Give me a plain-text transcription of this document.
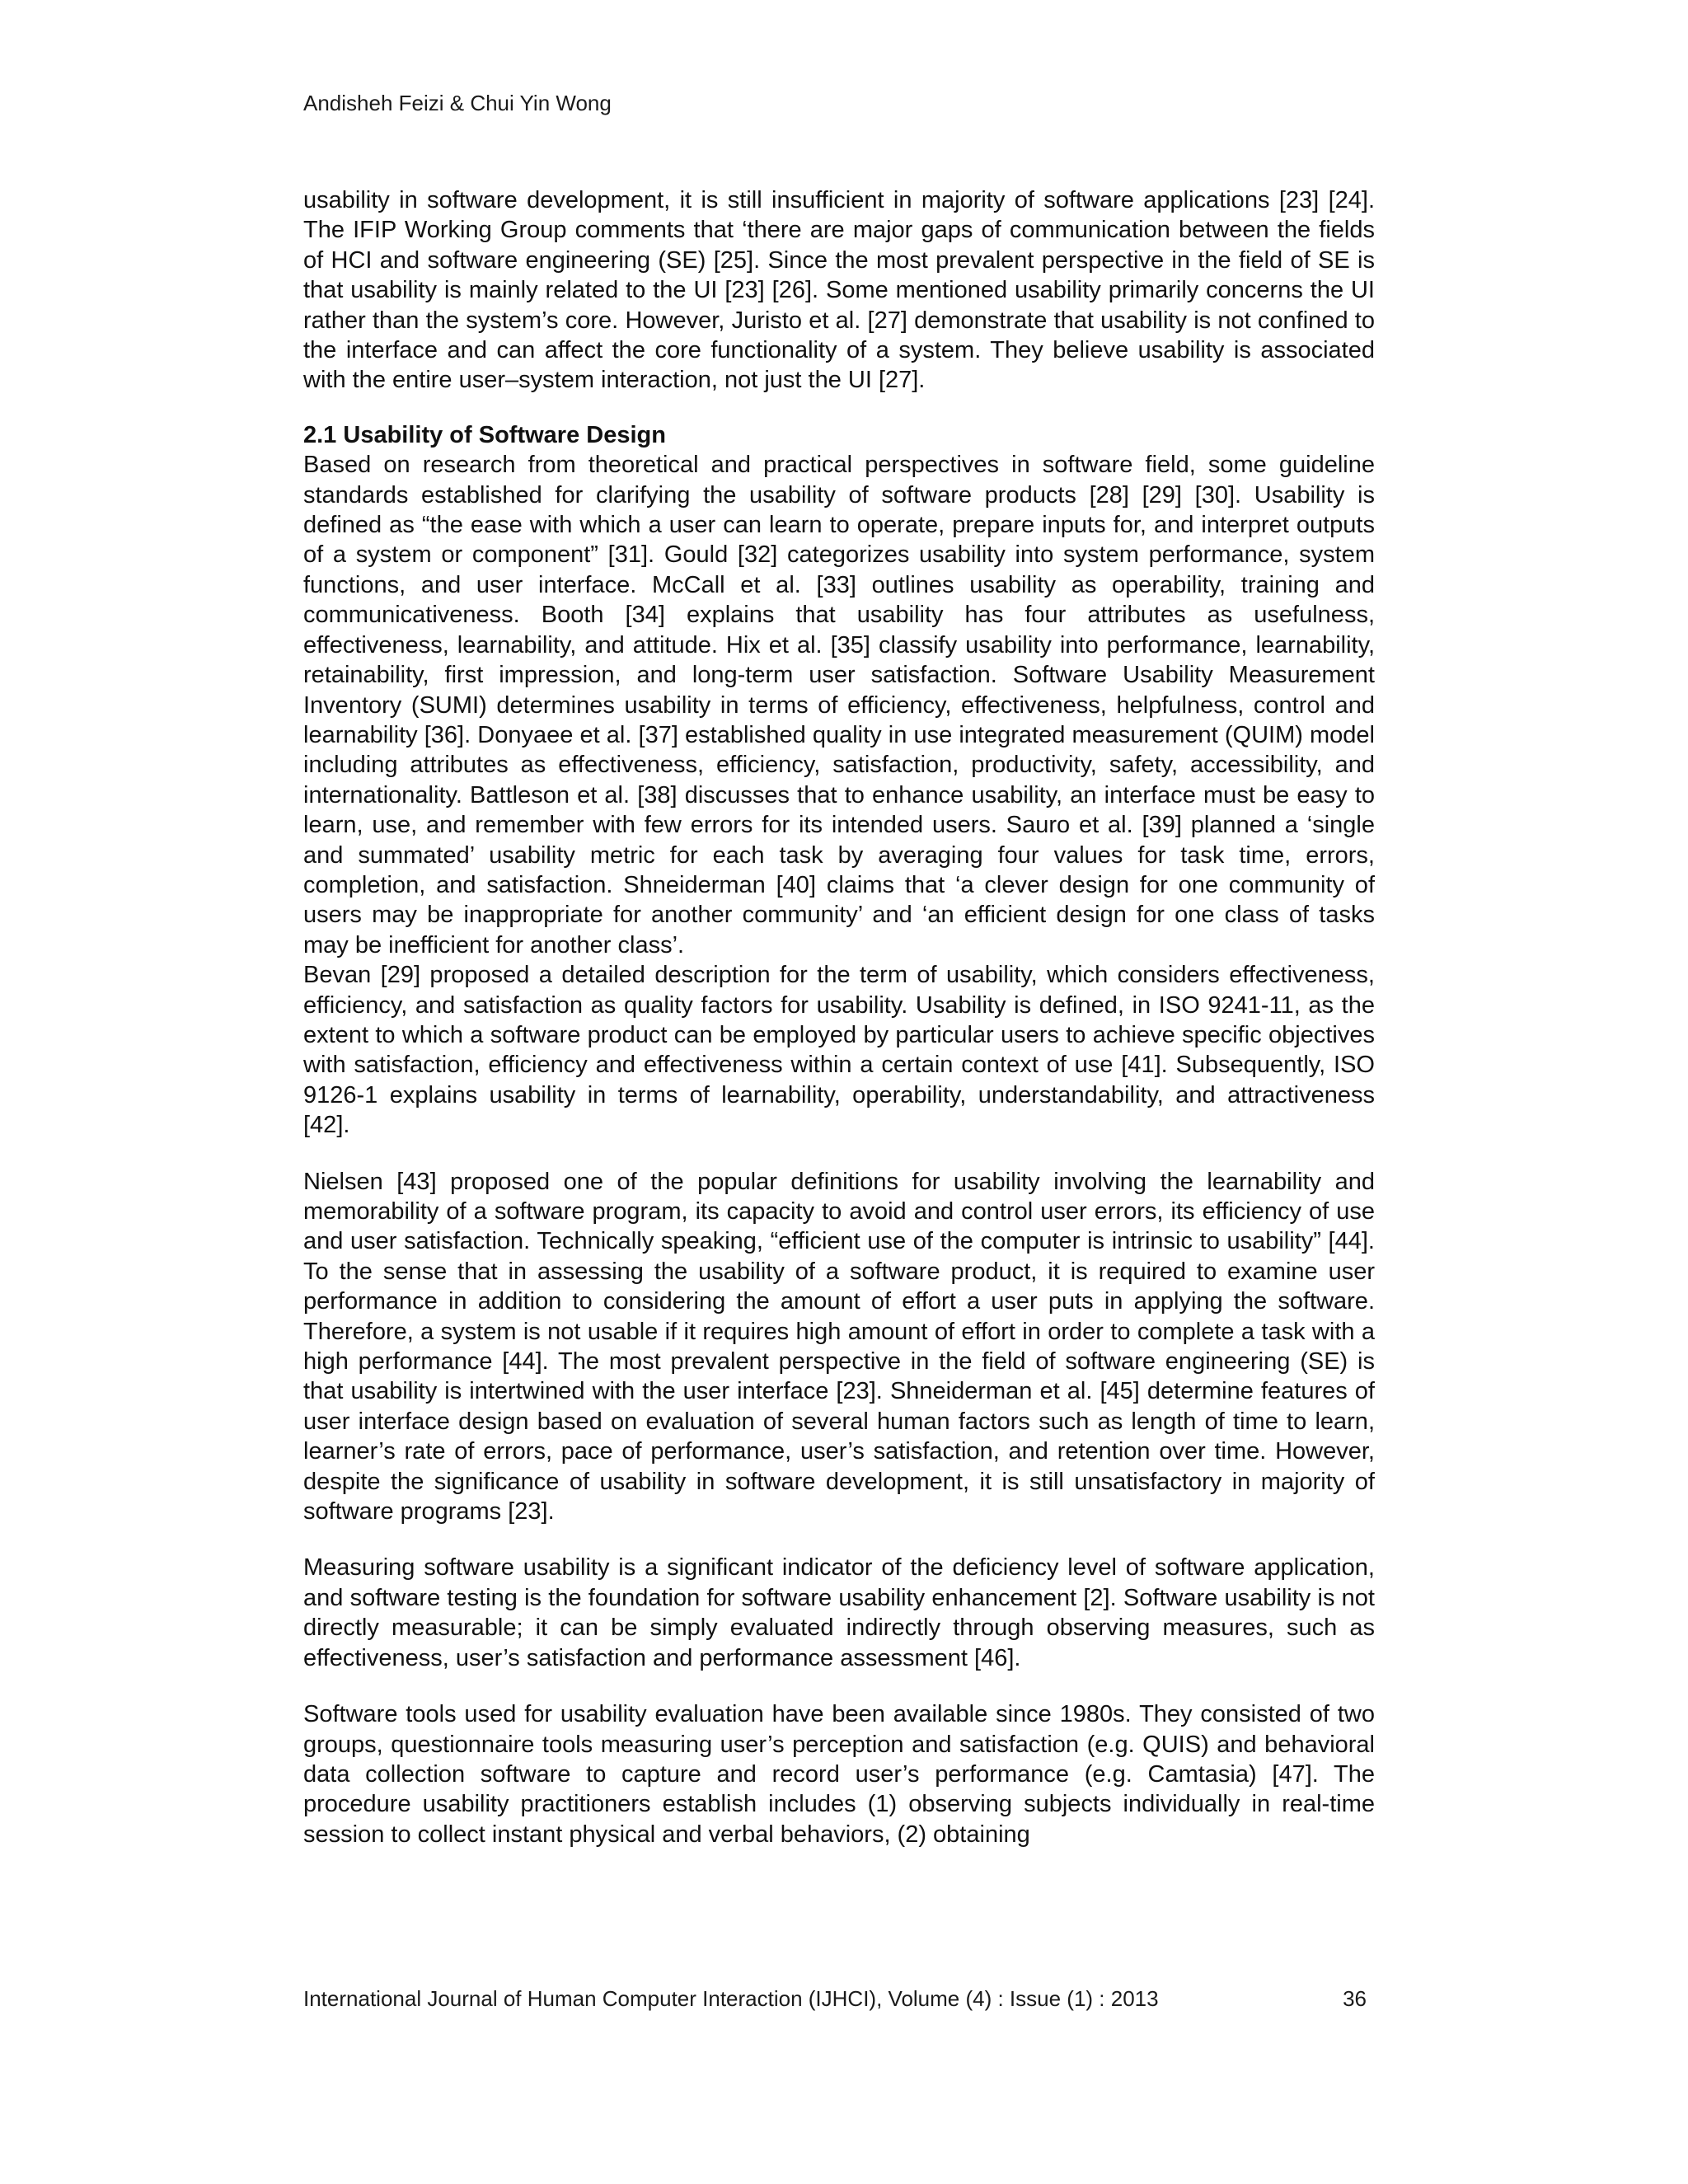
Andisheh Feizi & Chui Yin Wong

usability in software development, it is still insufficient in majority of software applications [23] [24]. The IFIP Working Group comments that ‘there are major gaps of communication between the fields of HCI and software engineering (SE) [25]. Since the most prevalent perspective in the field of SE is that usability is mainly related to the UI [23] [26]. Some mentioned usability primarily concerns the UI rather than the system’s core. However, Juristo et al. [27] demonstrate that usability is not confined to the interface and can affect the core functionality of a system. They believe usability is associated with the entire user–system interaction, not just the UI [27].

2.1 Usability of Software Design

Based on research from theoretical and practical perspectives in software field, some guideline standards established for clarifying the usability of software products [28] [29] [30]. Usability is defined as “the ease with which a user can learn to operate, prepare inputs for, and interpret outputs of a system or component” [31]. Gould [32] categorizes usability into system performance, system functions, and user interface. McCall et al. [33] outlines usability as operability, training and communicativeness. Booth [34] explains that usability has four attributes as usefulness, effectiveness, learnability, and attitude. Hix et al. [35] classify usability into performance, learnability, retainability, first impression, and long-term user satisfaction. Software Usability Measurement Inventory (SUMI) determines usability in terms of efficiency, effectiveness, helpfulness, control and learnability [36]. Donyaee et al. [37] established quality in use integrated measurement (QUIM) model including attributes as effectiveness, efficiency, satisfaction, productivity, safety, accessibility, and internationality. Battleson et al. [38] discusses that to enhance usability, an interface must be easy to learn, use, and remember with few errors for its intended users. Sauro et al. [39] planned a ‘single and summated’ usability metric for each task by averaging four values for task time, errors, completion, and satisfaction. Shneiderman [40] claims that ‘a clever design for one community of users may be inappropriate for another community’ and ‘an efficient design for one class of tasks may be inefficient for another class’.

Bevan [29] proposed a detailed description for the term of usability, which considers effectiveness, efficiency, and satisfaction as quality factors for usability. Usability is defined, in ISO 9241-11, as the extent to which a software product can be employed by particular users to achieve specific objectives with satisfaction, efficiency and effectiveness within a certain context of use [41]. Subsequently, ISO 9126-1 explains usability in terms of learnability, operability, understandability, and attractiveness [42].

Nielsen [43] proposed one of the popular definitions for usability involving the learnability and memorability of a software program, its capacity to avoid and control user errors, its efficiency of use and user satisfaction. Technically speaking, “efficient use of the computer is intrinsic to usability” [44]. To the sense that in assessing the usability of a software product, it is required to examine user performance in addition to considering the amount of effort a user puts in applying the software. Therefore, a system is not usable if it requires high amount of effort in order to complete a task with a high performance [44]. The most prevalent perspective in the field of software engineering (SE) is that usability is intertwined with the user interface [23]. Shneiderman et al. [45] determine features of user interface design based on evaluation of several human factors such as length of time to learn, learner’s rate of errors, pace of performance, user’s satisfaction, and retention over time. However, despite the significance of usability in software development, it is still unsatisfactory in majority of software programs [23].

Measuring software usability is a significant indicator of the deficiency level of software application, and software testing is the foundation for software usability enhancement [2]. Software usability is not directly measurable; it can be simply evaluated indirectly through observing measures, such as effectiveness, user’s satisfaction and performance assessment [46].

Software tools used for usability evaluation have been available since 1980s. They consisted of two groups, questionnaire tools measuring user’s perception and satisfaction (e.g. QUIS) and behavioral data collection software to capture and record user’s performance (e.g. Camtasia) [47]. The procedure usability practitioners establish includes (1) observing subjects individually in real-time session to collect instant physical and verbal behaviors, (2) obtaining

International Journal of Human Computer Interaction (IJHCI), Volume (4) : Issue (1) : 2013	36
